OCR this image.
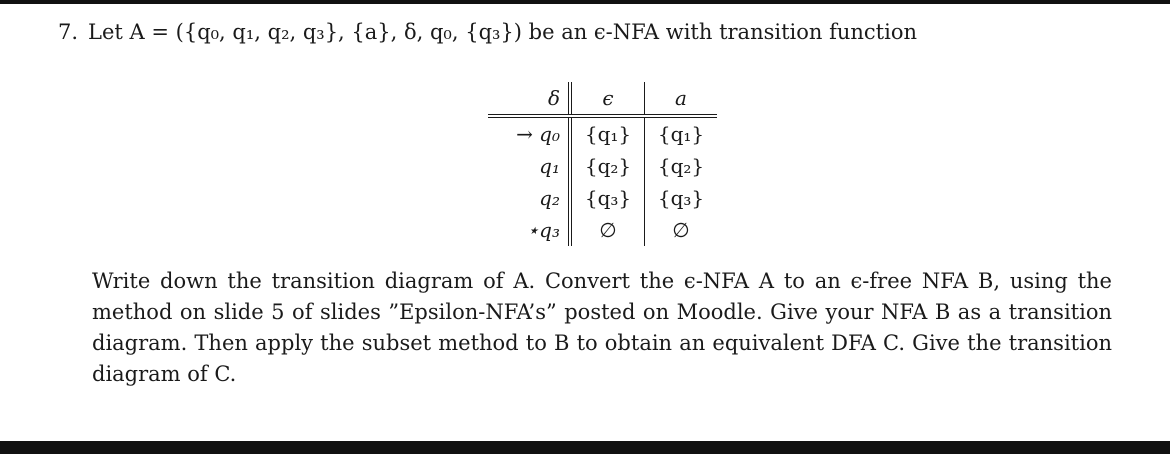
7. Let A = ({q₀, q₁, q₂, q₃}, {a}, δ, q₀, {q₃}) be an ϵ-NFA with transition function
δ	ϵ	a
→ q₀	{q₁}	{q₁}
q₁	{q₂}	{q₂}
q₂	{q₃}	{q₃}
⋆q₃	∅	∅
Write down the transition diagram of A. Convert the ϵ-NFA A to an ϵ-free NFA B, using the method on slide 5 of slides ”Epsilon-NFA’s” posted on Moodle. Give your NFA B as a transition diagram. Then apply the subset method to B to obtain an equivalent DFA C. Give the transition diagram of C.
